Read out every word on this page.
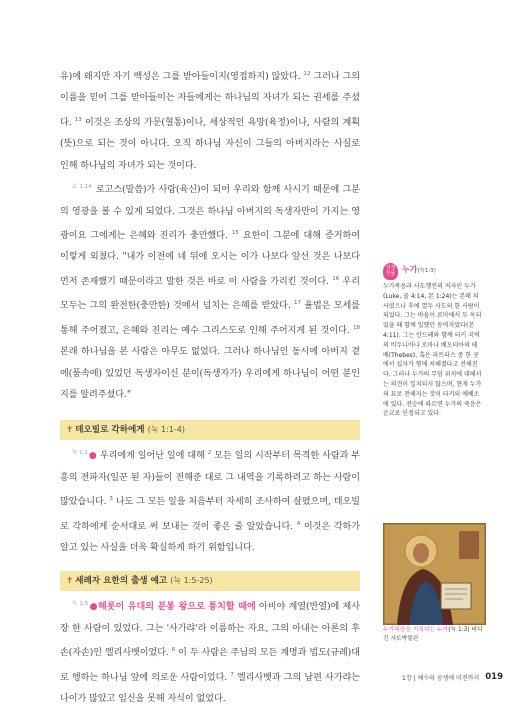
유)에 왜지만 자기 백성은 그를 받아들이지(영접하지) 않았다. $^{12}$ 그러나 그의 이름을 믿어 그를 받아들이는 자들에게는 하나님의 자녀가 되는 권세를 주셨다. $^{13}$ 이것은 조상의 가문(혈통)이나, 세상적인 욕망(육정)이나, 사람의 계획(뜻)으로 되는 것이 아니다. 오직 하나님 자신이 그들의 아버지라는 사실로 인해 하나님의 자녀가 되는 것이다.

$^{요 1:14}$ 로고스(말씀)가 사람(육신)이 되어 우리와 함께 사시기 때문에 그분의 영광을 볼 수 있게 되었다. 그것은 하나님 아버지의 독생자만이 가지는 영광이요 그에게는 은혜와 진리가 충만했다. $^{15}$ 요한이 그분에 대해 증거하여 이렇게 외쳤다. "내가 이전에 네 뒤에 오시는 이가 나보다 앞선 것은 나보다 먼저 존재했기 때문이라고 말한 것은 바로 이 사람을 가리킨 것이다. $^{16}$ 우리 모두는 그의 완전한(충만한) 것에서 넘치는 은혜를 받았다. $^{17}$ 율법은 모세를 통해 주어졌고, 은혜와 진리는 예수 그리스도로 인해 주어지게 된 것이다. $^{18}$ 본래 하나님을 본 사람은 아무도 없었다. 그러나 하나님인 동시에 아버지 곁에(품속에) 있었던 독생자이신 분이(독생자가) 우리에게 하나님이 어떤 분인지를 알려주셨다."

✝ 데오빌로 각하에게 (눅 1:1-4)

$^{눅 1:1}$● 우리에게 일어난 일에 대해 $^2$ 모든 일의 시작부터 목격한 사람과 부흥의 전파자(일꾼 된 자)들이 전해준 대로 그 내역을 기록하려고 하는 사람이 많았습니다. $^3$ 나도 그 모든 일을 처음부터 자세히 조사하여 살폈으며, 데오빌로 각하에게 순서대로 써 보내는 것이 좋은 줄 알았습니다. $^4$ 이것은 각하가 알고 있는 사실을 더욱 확실하게 하기 위함입니다.

✝ 세례자 요한의 출생 예고 (눅 1:5-25)

$^{눅 1:5}$●헤롯이 유대의 분봉 왕으로 통치할 때에 아비야 계열(반열)에 제사장 한 사람이 있었다. 그는 '사가랴'라 이름하는 자요, 그의 아내는 아론의 후손(자손)인 엘리사벳이었다. $^6$ 이 두 사람은 주님의 모든 계명과 법도(규례)대로 행하는 하나님 앞에 의로운 사람이었다. $^7$ 엘리사벳과 그의 남편 사가랴는 나이가 많았고 임신을 못해 자식이 없었다.

성경
인물 누가(눅1:3)

누가복음과 사도행전의 저자인 누가(Luke, 골 4:14, 몬 1:24)는 본래 의사였으나 후에 열두 사도의 한 사람이 되었다. 그는 바울이 로마에서 두 옥되었을 때 함께 일했던 동역자였다(몬4:11). 그는 안드레와 함께 터키 지역의 비두니아나 로마나 베오티아의 테베(Thebes), 혹은 파트라스 중 한 곳에서 십자가 형에 처해졌다고 전해진다. 그러나 누가의 무덤 위치에 대해서는 의견이 일치되지 않으며, 현재 누가의 묘로 전해지는 것이 터키의 에베소에 있다. 전승에 따르면 누가의 죽음은 순교로 인정되고 있다.

누가복음을 기록하는 누가(눅 1:3) 비디긴 사도박물관

1장 | 예수의 공생애 이전까지 019
